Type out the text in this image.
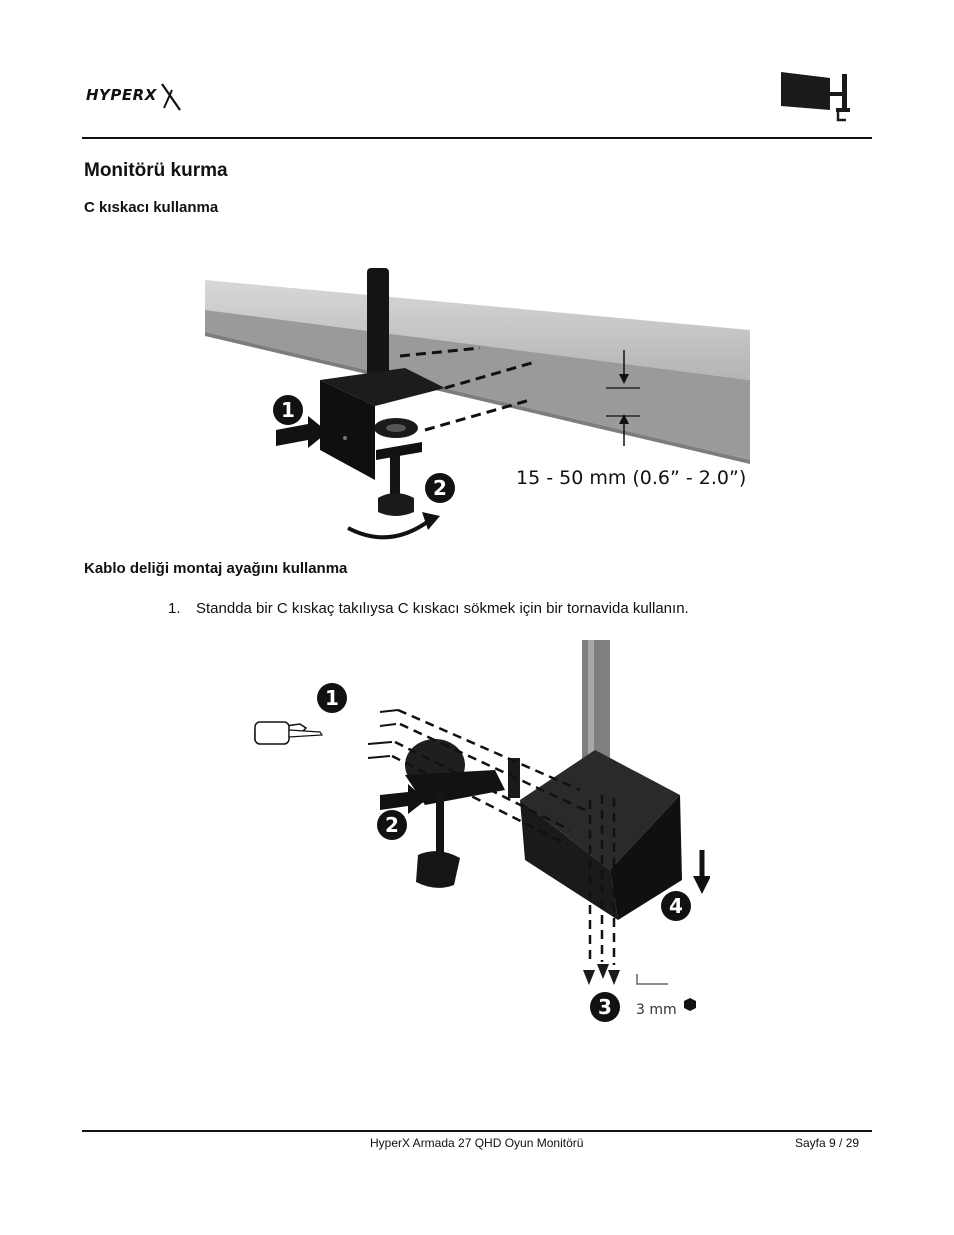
HYPERX
Monitörü kurma
C kıskacı kullanma
1
2	15 - 50 mm (0.6” - 2.0”)
Kablo deliği montaj ayağını kullanma
1. Standda bir C kıskaç takılıysa C kıskacı sökmek için bir tornavida kullanın.
1
2
3
4
3 mm
HyperX Armada 27 QHD Oyun Monitörü	Sayfa 9 / 29
